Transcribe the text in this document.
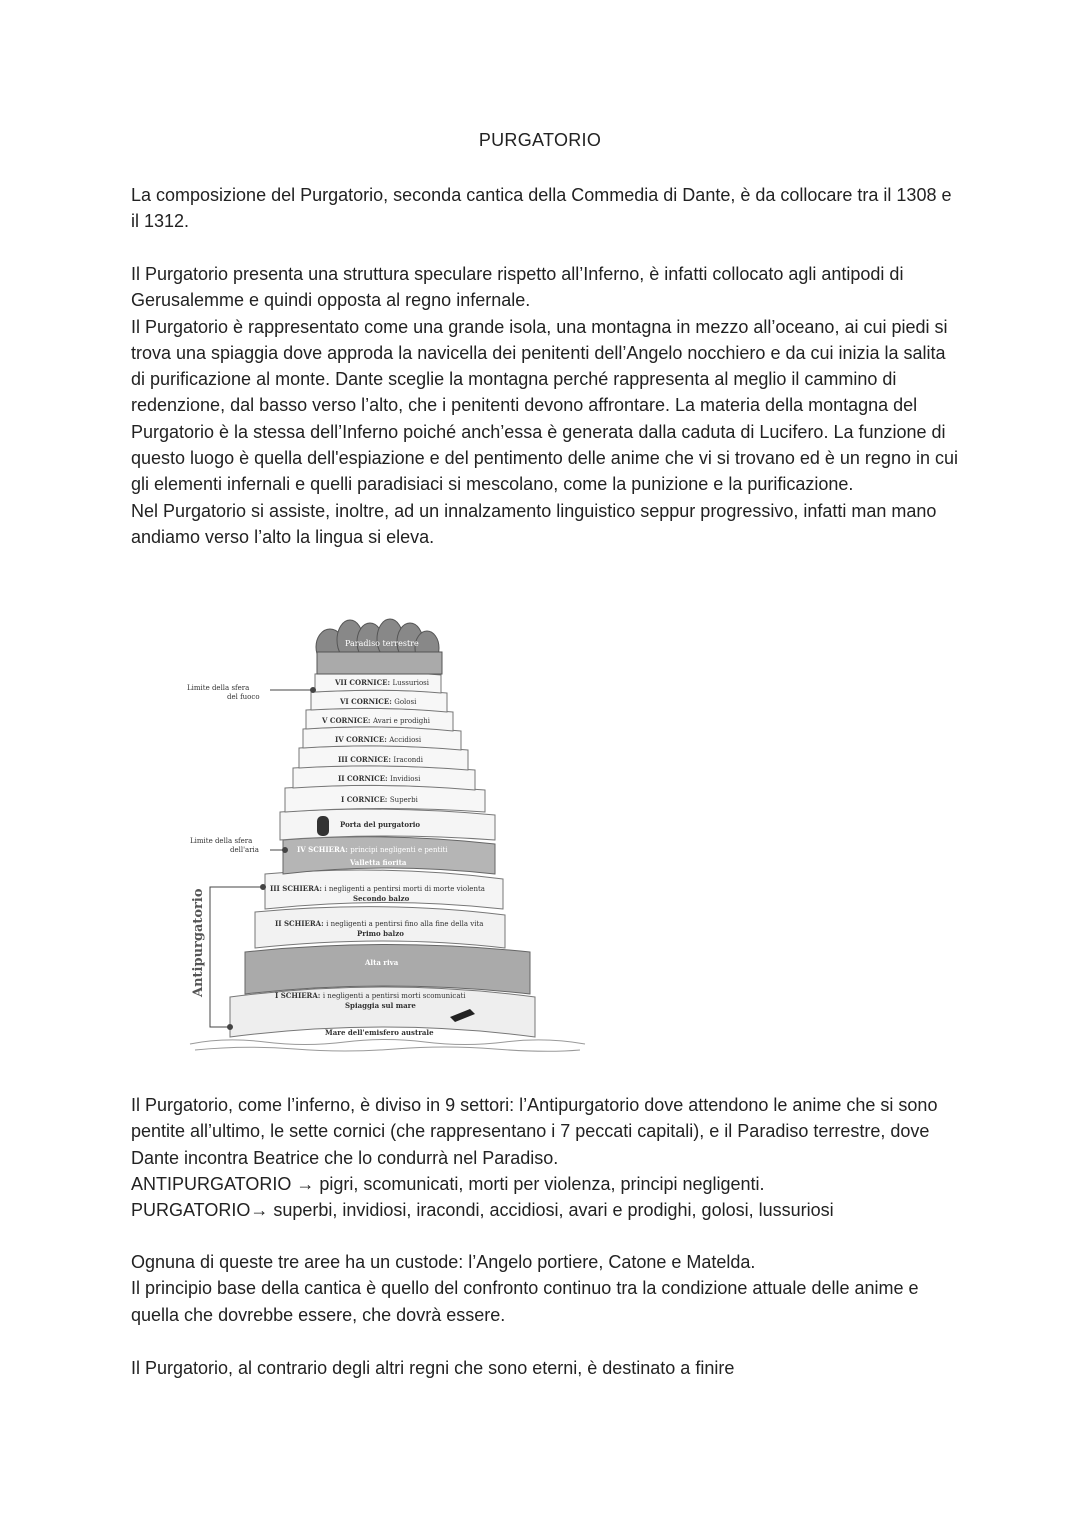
PURGATORIO

La composizione del Purgatorio, seconda cantica della Commedia di Dante, è da collocare tra il 1308 e il 1312.

Il Purgatorio presenta una struttura speculare rispetto all’Inferno, è infatti collocato agli antipodi di Gerusalemme e quindi opposta al regno infernale.

Il Purgatorio è rappresentato come una grande isola, una montagna in mezzo all’oceano, ai cui piedi si trova una spiaggia dove approda la navicella dei penitenti dell’Angelo nocchiero e da cui inizia la salita di purificazione al monte. Dante sceglie la montagna perché rappresenta al meglio il cammino di redenzione, dal basso verso l’alto, che i penitenti devono affrontare. La materia della montagna del Purgatorio è la stessa dell’Inferno poiché anch’essa è generata dalla caduta di Lucifero. La funzione di questo luogo è quella dell'espiazione e del pentimento delle anime che vi si trovano ed è un regno in cui gli elementi infernali e quelli paradisiaci si mescolano, come la punizione e la purificazione.

Nel Purgatorio si assiste, inoltre, ad un innalzamento linguistico seppur progressivo, infatti man mano andiamo verso l’alto la lingua si eleva.

Paradiso terrestre
Limite della sfera
del fuoco
Limite della sfera
dell'aria
VII CORNICE: Lussuriosi
VI CORNICE: Golosi
V CORNICE: Avari e prodighi
IV CORNICE: Accidiosi
III CORNICE: Iracondi
II CORNICE: Invidiosi
I CORNICE: Superbi
Porta del purgatorio
IV SCHIERA: principi negligenti e pentiti
Valletta fiorita
III SCHIERA: i negligenti a pentirsi morti di morte violenta
Secondo balzo
II SCHIERA: i negligenti a pentirsi fino alla fine della vita
Primo balzo
Alta riva
I SCHIERA: i negligenti a pentirsi morti scomunicati
Spiaggia sul mare
Mare dell'emisfero australe
Antipurgatorio

Il Purgatorio, come l’inferno, è diviso in 9 settori: l’Antipurgatorio dove attendono le anime che si sono pentite all’ultimo, le sette cornici (che rappresentano i 7 peccati capitali), e il Paradiso terrestre, dove Dante incontra Beatrice che lo condurrà nel Paradiso.

ANTIPURGATORIO → pigri, scomunicati, morti per violenza, principi negligenti.

PURGATORIO→ superbi, invidiosi, iracondi, accidiosi, avari e prodighi, golosi, lussuriosi

Ognuna di queste tre aree ha un custode: l’Angelo portiere, Catone e Matelda.

Il principio base della cantica è quello del confronto continuo tra la condizione attuale delle anime e quella che dovrebbe essere, che dovrà essere.

Il Purgatorio, al contrario degli altri regni che sono eterni, è destinato a finire
